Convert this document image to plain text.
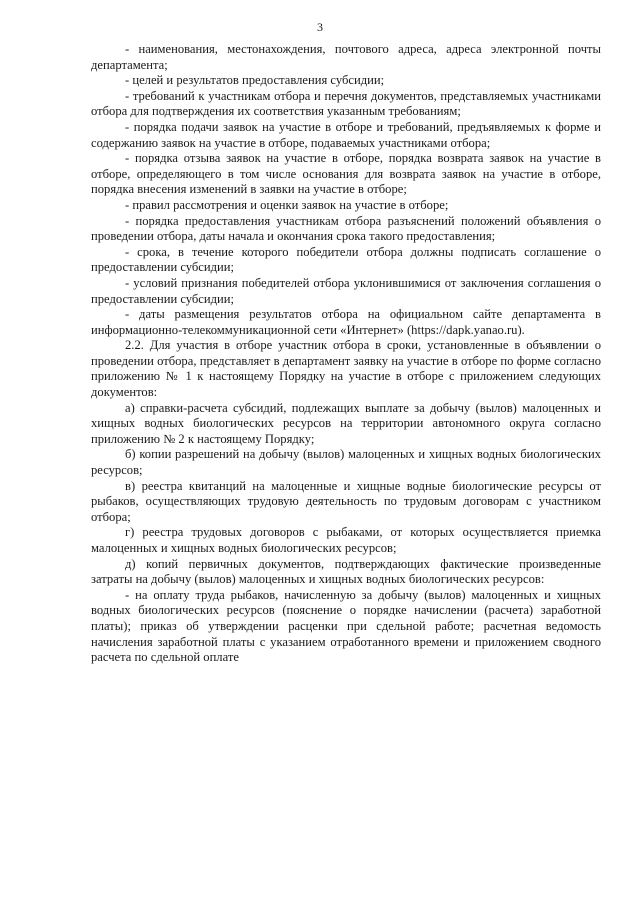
3

- наименования, местонахождения, почтового адреса, адреса электронной почты департамента;

- целей и результатов предоставления субсидии;

- требований к участникам отбора и перечня документов, представляемых участниками отбора для подтверждения их соответствия указанным требованиям;

- порядка подачи заявок на участие в отборе и требований, предъявляемых к форме и содержанию заявок на участие в отборе, подаваемых участниками отбора;

- порядка отзыва заявок на участие в отборе, порядка возврата заявок на участие в отборе, определяющего в том числе основания для возврата заявок на участие в отборе, порядка внесения изменений в заявки на участие в отборе;

- правил рассмотрения и оценки заявок на участие в отборе;

- порядка предоставления участникам отбора разъяснений положений объявления о проведении отбора, даты начала и окончания срока такого предоставления;

- срока, в течение которого победители отбора должны подписать соглашение о предоставлении субсидии;

- условий признания победителей отбора уклонившимися от заключения соглашения о предоставлении субсидии;

- даты размещения результатов отбора на официальном сайте департамента в информационно-телекоммуникационной сети «Интернет» (https://dapk.yanao.ru).

2.2. Для участия в отборе участник отбора в сроки, установленные в объявлении о проведении отбора, представляет в департамент заявку на участие в отборе по форме согласно приложению № 1 к настоящему Порядку на участие в отборе с приложением следующих документов:

а) справки-расчета субсидий, подлежащих выплате за добычу (вылов) малоценных и хищных водных биологических ресурсов на территории автономного округа согласно приложению № 2 к настоящему Порядку;

б) копии разрешений на добычу (вылов) малоценных и хищных водных биологических ресурсов;

в) реестра квитанций на малоценные и хищные водные биологические ресурсы от рыбаков, осуществляющих трудовую деятельность по трудовым договорам с участником отбора;

г) реестра трудовых договоров с рыбаками, от которых осуществляется приемка малоценных и хищных водных биологических ресурсов;

д) копий первичных документов, подтверждающих фактические произведенные затраты на добычу (вылов) малоценных и хищных водных биологических ресурсов:

- на оплату труда рыбаков, начисленную за добычу (вылов) малоценных и хищных водных биологических ресурсов (пояснение о порядке начислении (расчета) заработной платы); приказ об утверждении расценки при сдельной работе; расчетная ведомость начисления заработной платы с указанием отработанного времени и приложением сводного расчета по сдельной оплате
